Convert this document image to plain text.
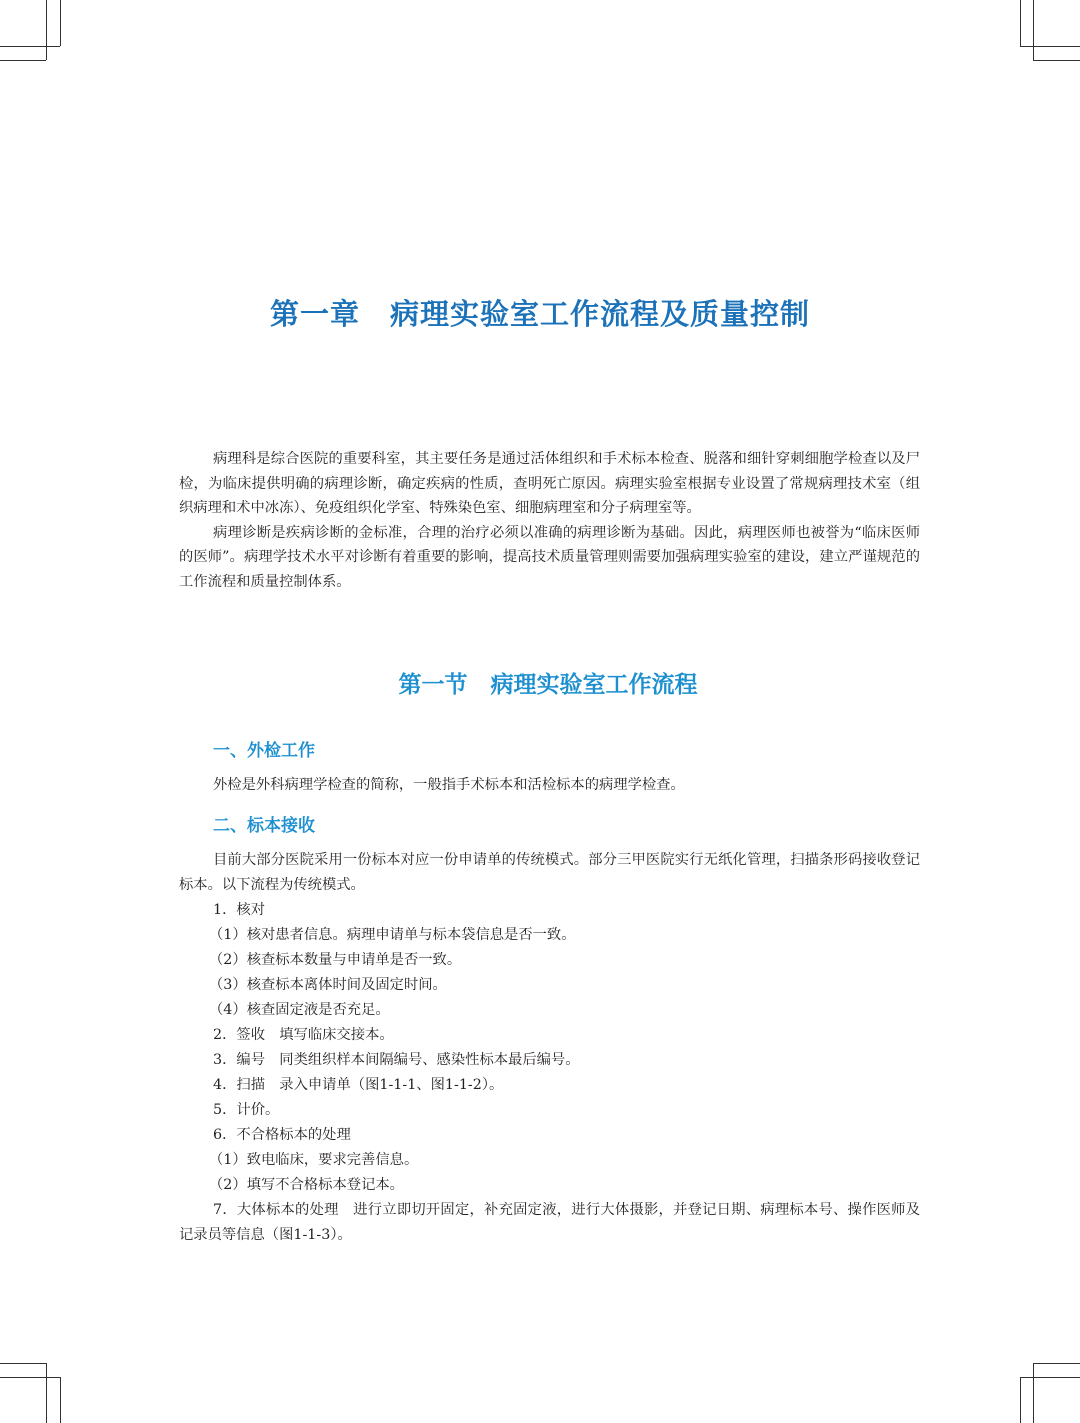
第一章　病理实验室工作流程及质量控制

病理科是综合医院的重要科室，其主要任务是通过活体组织和手术标本检查、脱落和细针穿刺细胞学检查以及尸检，为临床提供明确的病理诊断，确定疾病的性质，查明死亡原因。病理实验室根据专业设置了常规病理技术室（组织病理和术中冰冻）、免疫组织化学室、特殊染色室、细胞病理室和分子病理室等。

病理诊断是疾病诊断的金标准，合理的治疗必须以准确的病理诊断为基础。因此，病理医师也被誉为“临床医师的医师”。病理学技术水平对诊断有着重要的影响，提高技术质量管理则需要加强病理实验室的建设，建立严谨规范的工作流程和质量控制体系。

第一节　病理实验室工作流程
一、外检工作

外检是外科病理学检查的简称，一般指手术标本和活检标本的病理学检查。

二、标本接收

目前大部分医院采用一份标本对应一份申请单的传统模式。部分三甲医院实行无纸化管理，扫描条形码接收登记标本。以下流程为传统模式。

1．核对

（1）核对患者信息。病理申请单与标本袋信息是否一致。

（2）核查标本数量与申请单是否一致。

（3）核查标本离体时间及固定时间。

（4）核查固定液是否充足。

2．签收　填写临床交接本。

3．编号　同类组织样本间隔编号、感染性标本最后编号。

4．扫描　录入申请单（图1-1-1、图1-1-2）。

5．计价。

6．不合格标本的处理

（1）致电临床，要求完善信息。

（2）填写不合格标本登记本。

7．大体标本的处理　进行立即切开固定，补充固定液，进行大体摄影，并登记日期、病理标本号、操作医师及记录员等信息（图1-1-3）。
